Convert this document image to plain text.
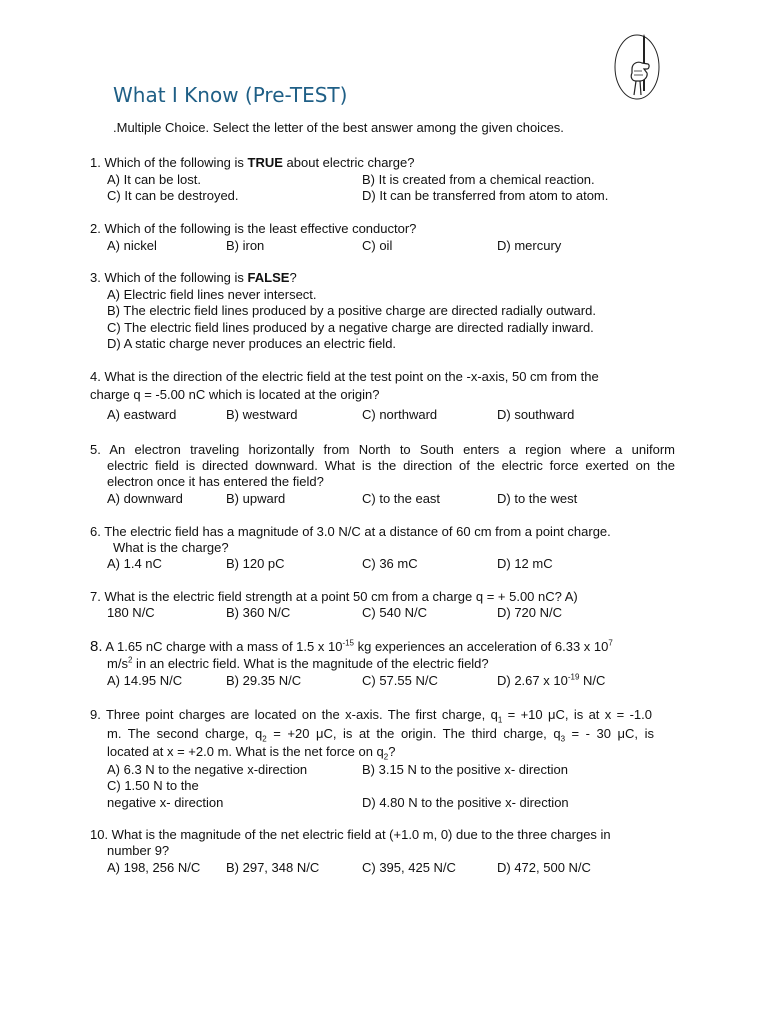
What I Know (Pre-TEST)
.Multiple Choice. Select the letter of the best answer among the given choices.
1. Which of the following is TRUE about electric charge?
A) It can be lost.	B) It is created from a chemical reaction.
C) It can be destroyed.	D) It can be transferred from atom to atom.
2. Which of the following is the least effective conductor?
A) nickel	B) iron	C) oil	D) mercury
3. Which of the following is FALSE?
A) Electric field lines never intersect.
B) The electric field lines produced by a positive charge are directed radially outward.
C) The electric field lines produced by a negative charge are directed radially inward.
D) A static charge never produces an electric field.
4. What is the direction of the electric field at the test point on the -x-axis, 50 cm from the
charge q = -5.00 nC which is located at the origin?
A) eastward	B) westward	C) northward	D) southward
5. An electron traveling horizontally from North to South enters a region where a uniform
electric field is directed downward. What is the direction of the electric force exerted on the
electron once it has entered the field?
A) downward	B) upward	C) to the east	D) to the west
6. The electric field has a magnitude of 3.0 N/C at a distance of 60 cm from a point charge.
What is the charge?
A) 1.4 nC	B) 120 pC	C) 36 mC	D) 12 mC
7. What is the electric field strength at a point 50 cm from a charge q = + 5.00 nC? A)
180 N/C	B) 360 N/C	C) 540 N/C	D) 720 N/C
8. A 1.65 nC charge with a mass of 1.5 x $10^{-15}$ kg experiences an acceleration of 6.33 x $10^7$
$m/s^2$ in an electric field. What is the magnitude of the electric field?
A) 14.95 N/C	B) 29.35 N/C	C) 57.55 N/C	D) 2.67 x $10^{-19}$ N/C
9. Three point charges are located on the x-axis. The first charge, $q_1 = +10$ μC, is at x = -1.0
m. The second charge, $q_2 = +20$ μC, is at the origin. The third charge, $q_3$ = - 30 μC, is
located at x = +2.0 m. What is the net force on $q_2$?
A) 6.3 N to the negative x-direction	B) 3.15 N to the positive x- direction
C) 1.50 N to the
negative x- direction	D) 4.80 N to the positive x- direction
10. What is the magnitude of the net electric field at (+1.0 m, 0) due to the three charges in
number 9?
A) 198, 256 N/C B) 297, 348 N/C	C) 395, 425 N/C	D) 472, 500 N/C
